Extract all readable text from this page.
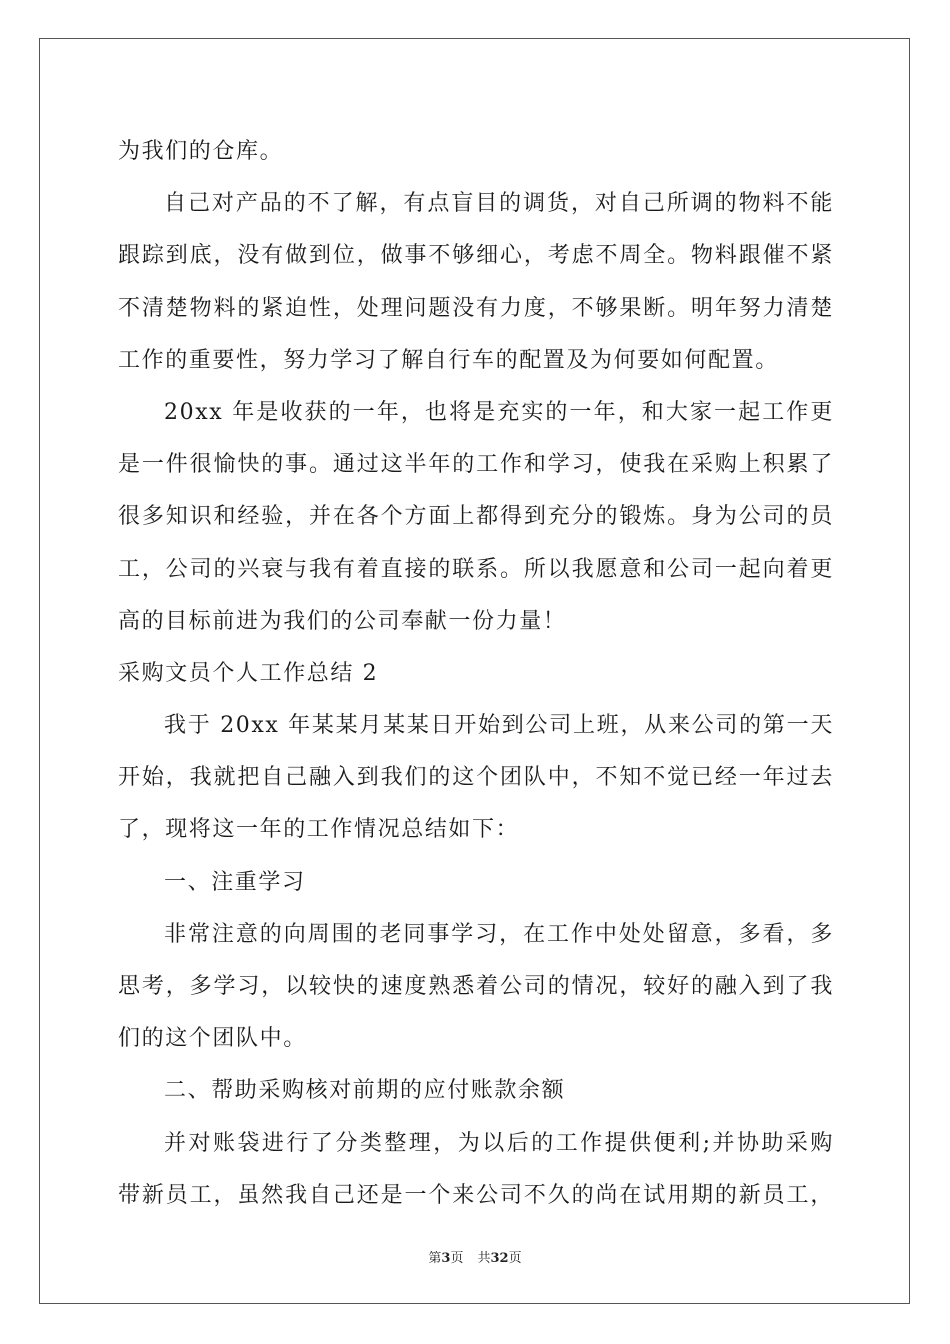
为我们的仓库。
自己对产品的不了解，有点盲目的调货，对自己所调的物料不能
跟踪到底，没有做到位，做事不够细心，考虑不周全。物料跟催不紧
不清楚物料的紧迫性，处理问题没有力度，不够果断。明年努力清楚
工作的重要性，努力学习了解自行车的配置及为何要如何配置。
20xx 年是收获的一年，也将是充实的一年，和大家一起工作更
是一件很愉快的事。通过这半年的工作和学习，使我在采购上积累了
很多知识和经验，并在各个方面上都得到充分的锻炼。身为公司的员
工，公司的兴衰与我有着直接的联系。所以我愿意和公司一起向着更
高的目标前进为我们的公司奉献一份力量！
采购文员个人工作总结 2
我于 20xx 年某某月某某日开始到公司上班，从来公司的第一天
开始，我就把自己融入到我们的这个团队中，不知不觉已经一年过去
了，现将这一年的工作情况总结如下：
一、注重学习
非常注意的向周围的老同事学习，在工作中处处留意，多看，多
思考，多学习，以较快的速度熟悉着公司的情况，较好的融入到了我
们的这个团队中。
二、帮助采购核对前期的应付账款余额
并对账袋进行了分类整理，为以后的工作提供便利;并协助采购
带新员工，虽然我自己还是一个来公司不久的尚在试用期的新员工，
第3页 共32页
